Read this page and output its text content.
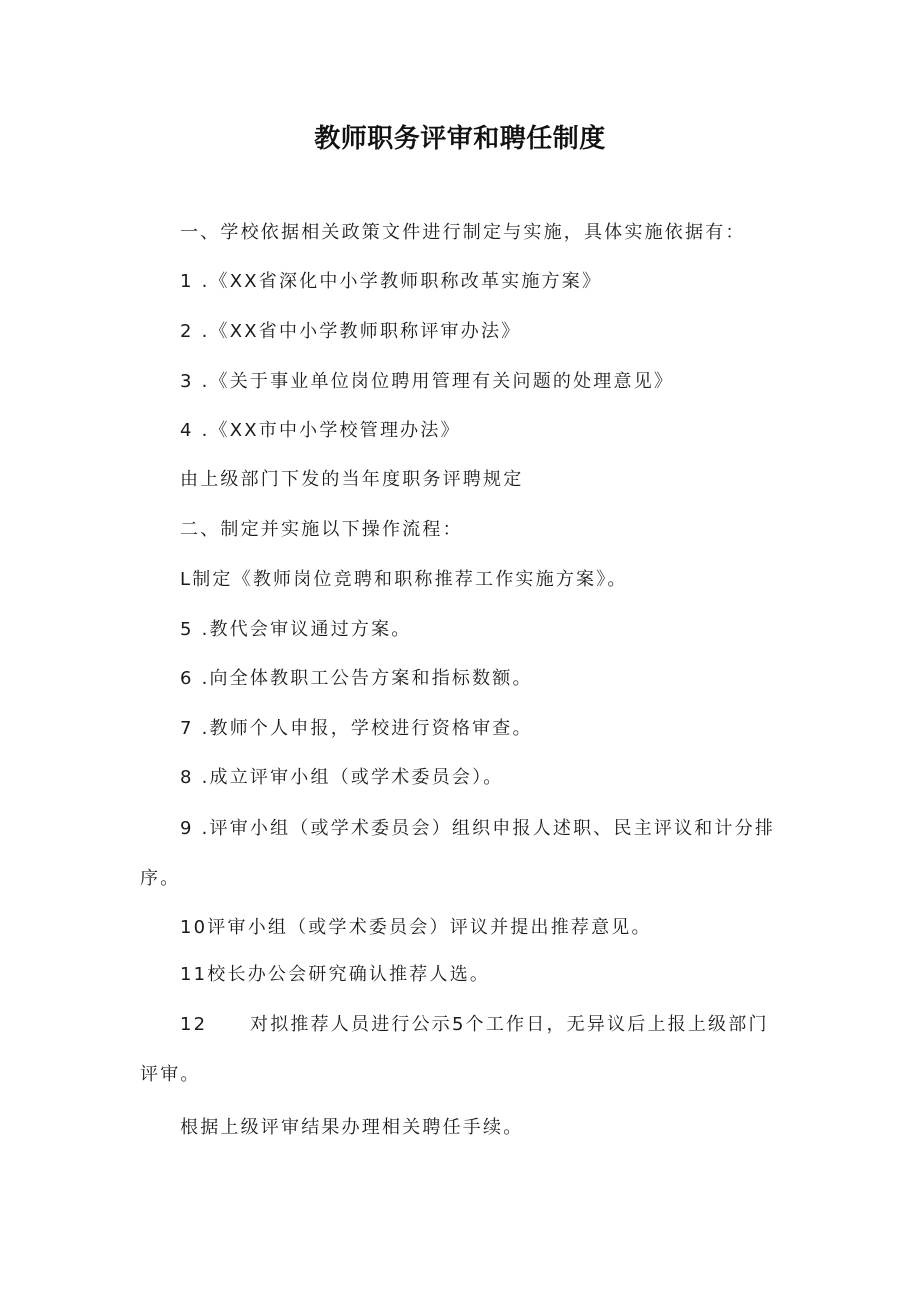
教师职务评审和聘任制度
一、学校依据相关政策文件进行制定与实施，具体实施依据有：
1 .《XX省深化中小学教师职称改革实施方案》
2 .《XX省中小学教师职称评审办法》
3 .《关于事业单位岗位聘用管理有关问题的处理意见》
4 .《XX市中小学校管理办法》
由上级部门下发的当年度职务评聘规定
二、制定并实施以下操作流程：
L制定《教师岗位竞聘和职称推荐工作实施方案》。
5 .教代会审议通过方案。
6 .向全体教职工公告方案和指标数额。
7 .教师个人申报，学校进行资格审查。
8 .成立评审小组（或学术委员会）。
9 .评审小组（或学术委员会）组织申报人述职、民主评议和计分排
序。
10评审小组（或学术委员会）评议并提出推荐意见。
11校长办公会研究确认推荐人选。
12 对拟推荐人员进行公示5个工作日，无异议后上报上级部门
评审。
根据上级评审结果办理相关聘任手续。
